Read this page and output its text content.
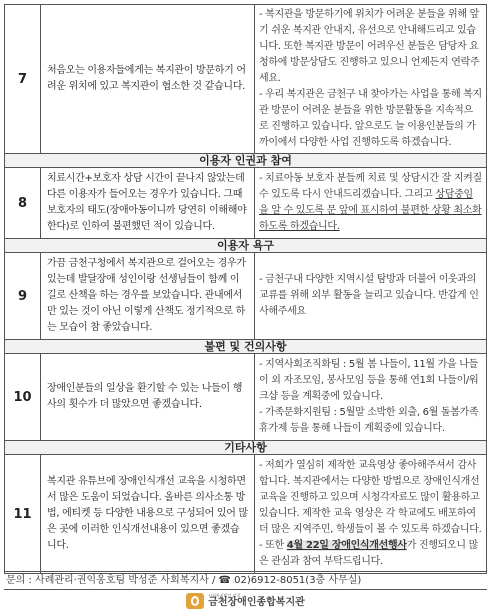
7	처음오는 이용자들에게는 복지관이 방문하기 어려운 위치에 있고 복지관이 협소한 것 같습니다.	- 복지관을 방문하기에 위치가 어려운 분들을 위해 앞기 쉬운 복지관 안내지, 유선으로 안내해드리고 있습니다. 또한 복지관 방문이 어려우신 분들은 담당자 요청하에 방문상담도 진행하고 있으니 언제든지 연락주세요.
- 우리 복지관은 금천구 내 찾아가는 사업을 통해 복지관 방문이 어려운 분들을 위한 방문활동을 지속적으로 진행하고 있습니다. 앞으로도 늘 이용인분들의 가까이에서 다양한 사업 진행하도록 하겠습니다.

이용자 인권과 참여		
8	치료시간+보호자 상담 시간이 끝나지 않았는데 다른 이용자가 들어오는 경우가 있습니다. 그때 보호자의 태도(장애아동이니까 당연히 이해해야한다)로 인하여 불편했던 적이 있습니다.	- 치료아동 보호자 분들께 치료 및 상담시간 잘 지켜질 수 있도록 다시 안내드리겠습니다. 그리고 상담중임을 알 수 있도록 문 앞에 표시하여 불편한 상황 최소화 하도록 하겠습니다.
이용자 욕구		
9	가끔 금천구청에서 복지관으로 걸어오는 경우가 있는데 발달장애 성인이랑 선생님들이 함께 이 길로 산책을 하는 경우를 보았습니다. 관내에서만 있는 것이 아닌 이렇게 산책도 정기적으로 하는 모습이 참 좋았습니다.	- 금천구내 다양한 지역시설 탐방과 더불어 이웃과의 교류를 위해 외부 활동을 늘리고 있습니다. 반갑게 인사해주세요

불편 및 건의사항		
10	장애인분들의 일상을 환기할 수 있는 나들이 행사의 횟수가 더 많았으면 좋겠습니다.	- 지역사회조직화팀 : 5월 봄 나들이, 11월 가을 나들이 외 자조모임, 봉사모임 등을 통해 연1회 나들이/워크샵 등을 계획중에 있습니다.
- 가족문화지원팀 : 5월말 소박한 외출, 6월 돌봄가족 휴가제 등을 통해 나들이 계획중에 있습니다.

기타사항		
11	복지관 유튜브에 장애인식개선 교육을 시청하면서 많은 도움이 되었습니다. 올바른 의사소통 방법, 에티켓 등 다양한 내용으로 구성되어 있어 많은 곳에 이러한 인식개선내용이 있으면 좋겠습니다.	- 저희가 열심히 제작한 교육영상 좋아해주셔서 감사합니다. 복지관에서는 다양한 방법으로 장애인식개선교육을 진행하고 있으며 시청각자료도 많이 활용하고 있습니다. 제작한 교육 영상은 각 학교에도 배포하여 더 많은 지역주민, 학생들이 볼 수 있도록 하겠습니다.
- 또한 4월 22일 장애인식개선행사가 진행되오니 많은 관심과 참여 부탁드립니다.
문의 : 사례관리·권익옹호팀 박성준 사회복지사 / ☎ 02)6912-8051(3층 사무실)
사회복지법인 성결
금천장애인종합복지관
